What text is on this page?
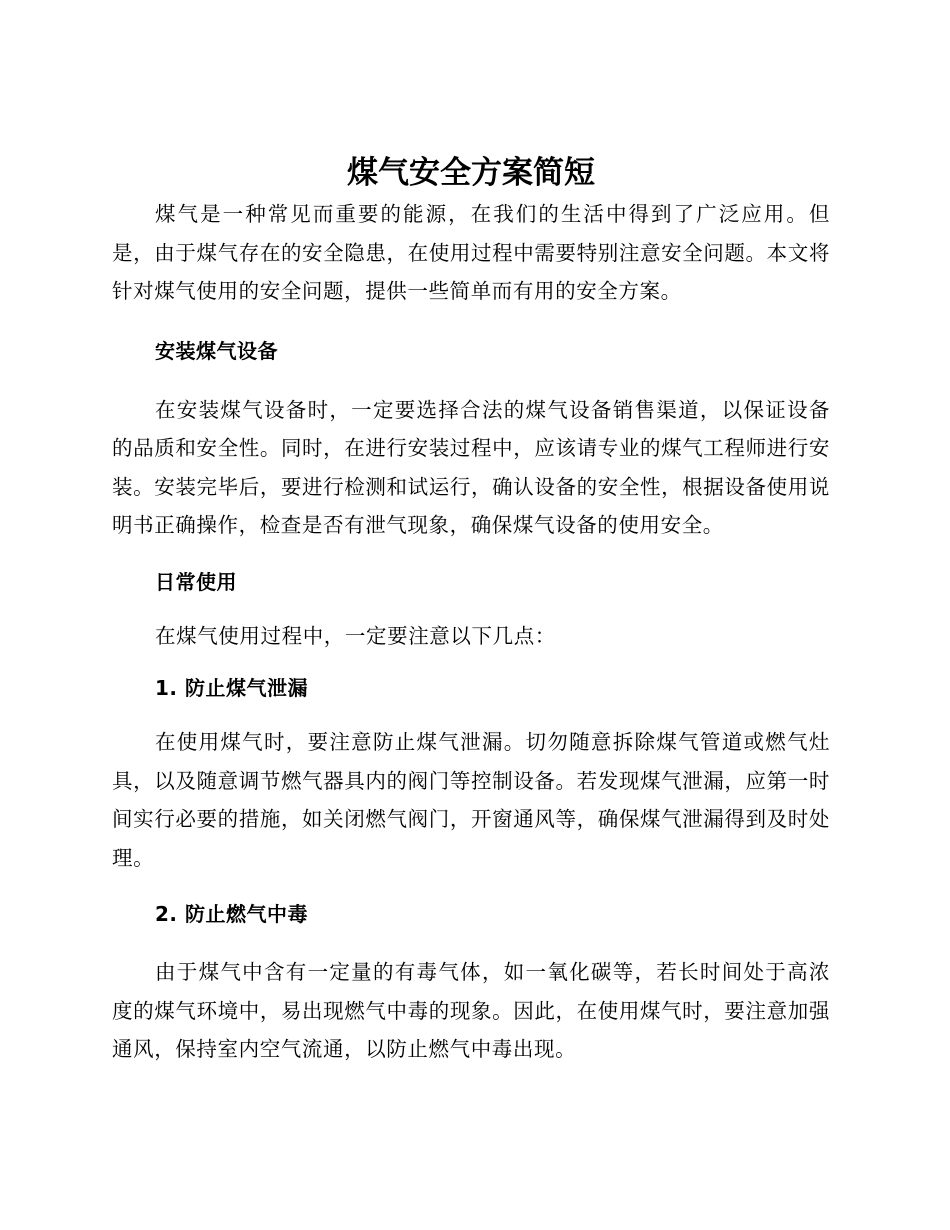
煤气安全方案简短

煤气是一种常见而重要的能源，在我们的生活中得到了广泛应用。但是，由于煤气存在的安全隐患，在使用过程中需要特别注意安全问题。本文将针对煤气使用的安全问题，提供一些简单而有用的安全方案。

安装煤气设备

在安装煤气设备时，一定要选择合法的煤气设备销售渠道，以保证设备的品质和安全性。同时，在进行安装过程中，应该请专业的煤气工程师进行安装。安装完毕后，要进行检测和试运行，确认设备的安全性，根据设备使用说明书正确操作，检查是否有泄气现象，确保煤气设备的使用安全。

日常使用

在煤气使用过程中，一定要注意以下几点：

1. 防止煤气泄漏

在使用煤气时，要注意防止煤气泄漏。切勿随意拆除煤气管道或燃气灶具，以及随意调节燃气器具内的阀门等控制设备。若发现煤气泄漏，应第一时间实行必要的措施，如关闭燃气阀门，开窗通风等，确保煤气泄漏得到及时处理。

2. 防止燃气中毒

由于煤气中含有一定量的有毒气体，如一氧化碳等，若长时间处于高浓度的煤气环境中，易出现燃气中毒的现象。因此，在使用煤气时，要注意加强通风，保持室内空气流通，以防止燃气中毒出现。
